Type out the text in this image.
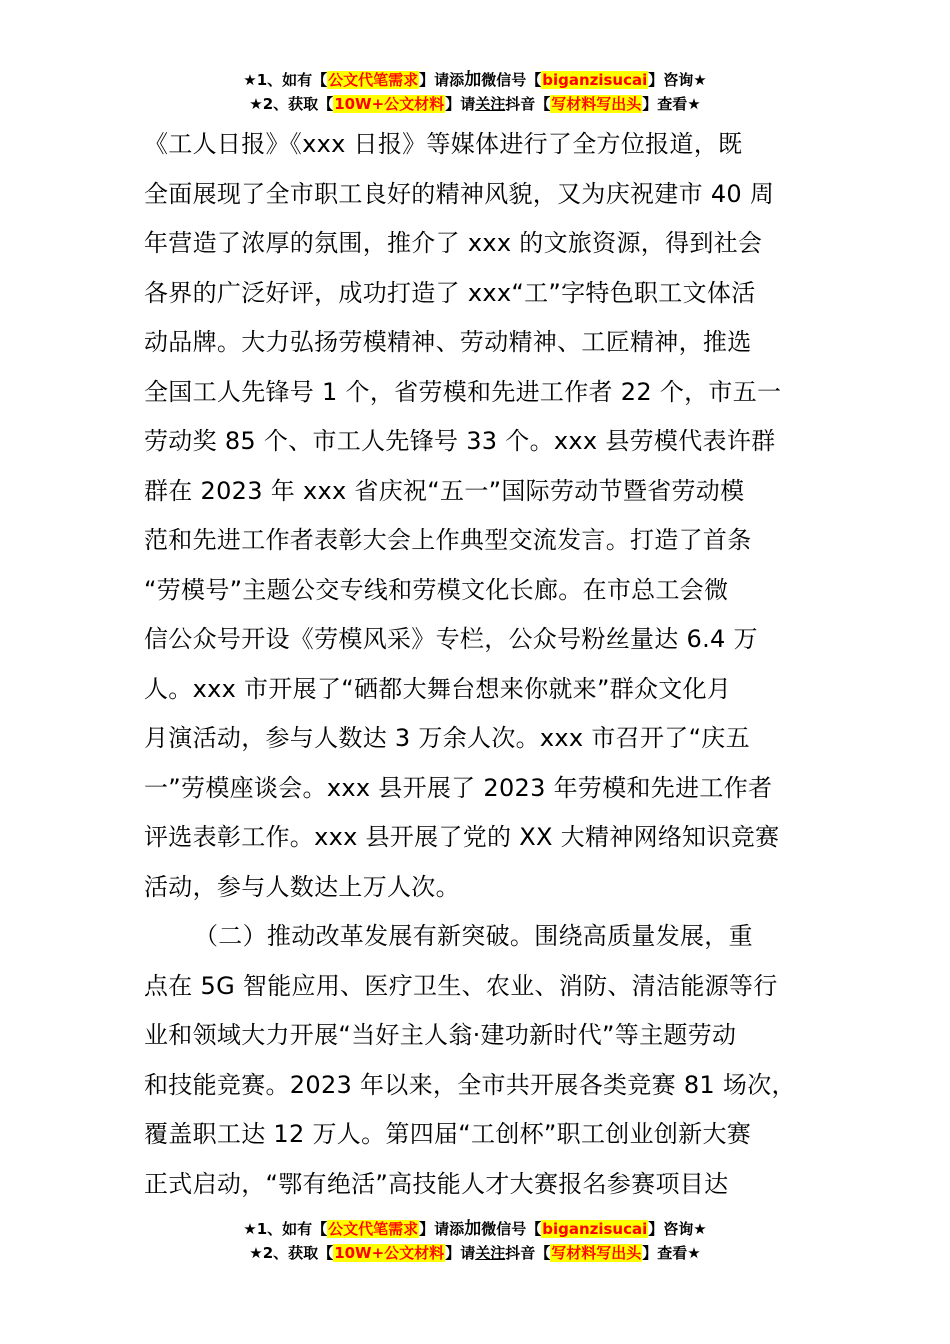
★1、如有【公文代笔需求】请添加微信号【biganzisucai】咨询★
★2、获取【10W+公文材料】请关注抖音【写材料写出头】查看★
《工人日报》《xxx 日报》等媒体进行了全方位报道，既
全面展现了全市职工良好的精神风貌，又为庆祝建市 40 周
年营造了浓厚的氛围，推介了 xxx 的文旅资源，得到社会
各界的广泛好评，成功打造了 xxx“工”字特色职工文体活
动品牌。大力弘扬劳模精神、劳动精神、工匠精神，推选
全国工人先锋号 1 个，省劳模和先进工作者 22 个，市五一
劳动奖 85 个、市工人先锋号 33 个。xxx 县劳模代表许群
群在 2023 年 xxx 省庆祝“五一”国际劳动节暨省劳动模
范和先进工作者表彰大会上作典型交流发言。打造了首条
“劳模号”主题公交专线和劳模文化长廊。在市总工会微
信公众号开设《劳模风采》专栏，公众号粉丝量达 6.4 万
人。xxx 市开展了“硒都大舞台想来你就来”群众文化月
月演活动，参与人数达 3 万余人次。xxx 市召开了“庆五
一”劳模座谈会。xxx 县开展了 2023 年劳模和先进工作者
评选表彰工作。xxx 县开展了党的 XX 大精神网络知识竞赛
活动，参与人数达上万人次。
（二）推动改革发展有新突破。围绕高质量发展，重
点在 5G 智能应用、医疗卫生、农业、消防、清洁能源等行
业和领域大力开展“当好主人翁·建功新时代”等主题劳动
和技能竞赛。2023 年以来，全市共开展各类竞赛 81 场次，
覆盖职工达 12 万人。第四届“工创杯”职工创业创新大赛
正式启动，“鄂有绝活”高技能人才大赛报名参赛项目达
★1、如有【公文代笔需求】请添加微信号【biganzisucai】咨询★
★2、获取【10W+公文材料】请关注抖音【写材料写出头】查看★
